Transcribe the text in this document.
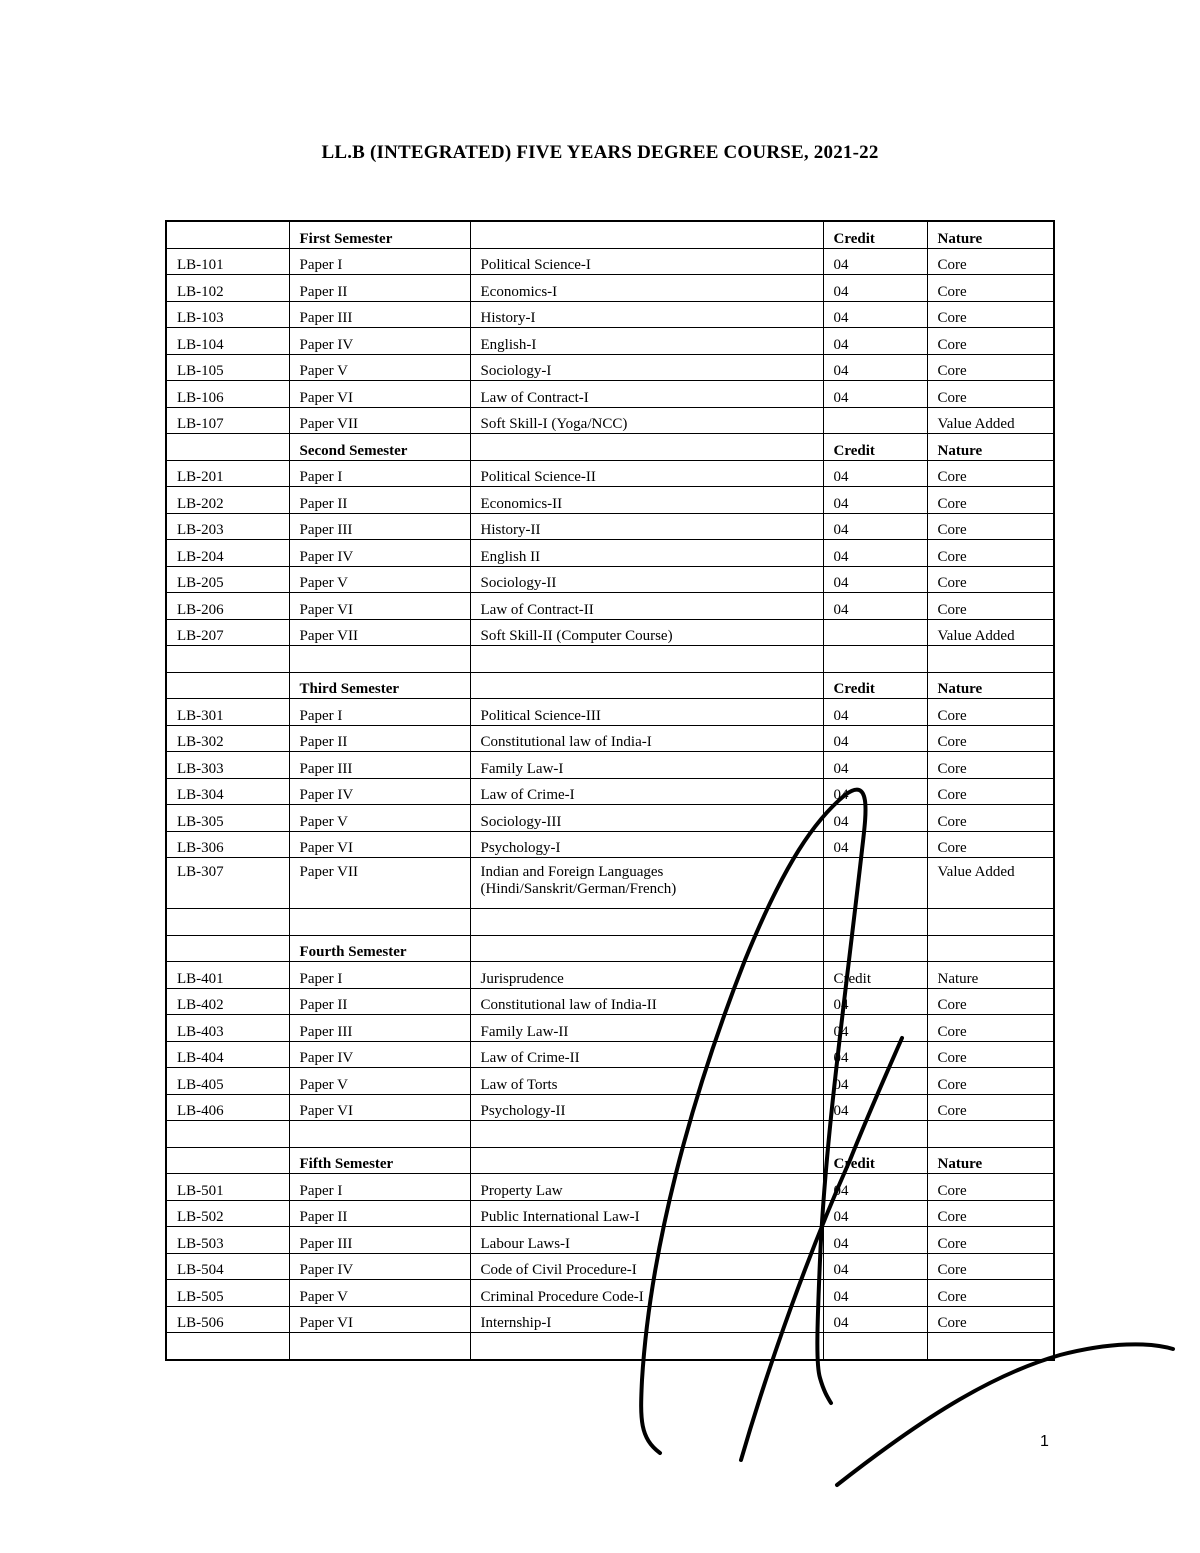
LL.B (INTEGRATED) FIVE YEARS DEGREE COURSE, 2021-22
	First Semester		Credit	Nature
LB-101	Paper I	Political Science-I	04	Core
LB-102	Paper II	Economics-I	04	Core
LB-103	Paper III	History-I	04	Core
LB-104	Paper IV	English-I	04	Core
LB-105	Paper V	Sociology-I	04	Core
LB-106	Paper VI	Law of Contract-I	04	Core
LB-107	Paper VII	Soft Skill-I (Yoga/NCC)		Value Added
	Second Semester		Credit	Nature
LB-201	Paper I	Political Science-II	04	Core
LB-202	Paper II	Economics-II	04	Core
LB-203	Paper III	History-II	04	Core
LB-204	Paper IV	English II	04	Core
LB-205	Paper V	Sociology-II	04	Core
LB-206	Paper VI	Law of Contract-II	04	Core
LB-207	Paper VII	Soft Skill-II (Computer Course)		Value Added

	Third Semester		Credit	Nature
LB-301	Paper I	Political Science-III	04	Core
LB-302	Paper II	Constitutional law of India-I	04	Core
LB-303	Paper III	Family Law-I	04	Core
LB-304	Paper IV	Law of Crime-I	04	Core
LB-305	Paper V	Sociology-III	04	Core
LB-306	Paper VI	Psychology-I	04	Core
LB-307	Paper VII	Indian and Foreign Languages (Hindi/Sanskrit/German/French)		Value Added

	Fourth Semester			
LB-401	Paper I	Jurisprudence	Credit	Nature
LB-402	Paper II	Constitutional law of India-II	04	Core
LB-403	Paper III	Family Law-II	04	Core
LB-404	Paper IV	Law of Crime-II	04	Core
LB-405	Paper V	Law of Torts	04	Core
LB-406	Paper VI	Psychology-II	04	Core

	Fifth Semester		Credit	Nature
LB-501	Paper I	Property Law	04	Core
LB-502	Paper II	Public International Law-I	04	Core
LB-503	Paper III	Labour Laws-I	04	Core
LB-504	Paper IV	Code of Civil Procedure-I	04	Core
LB-505	Paper V	Criminal Procedure Code-I	04	Core
LB-506	Paper VI	Internship-I	04	Core

1
